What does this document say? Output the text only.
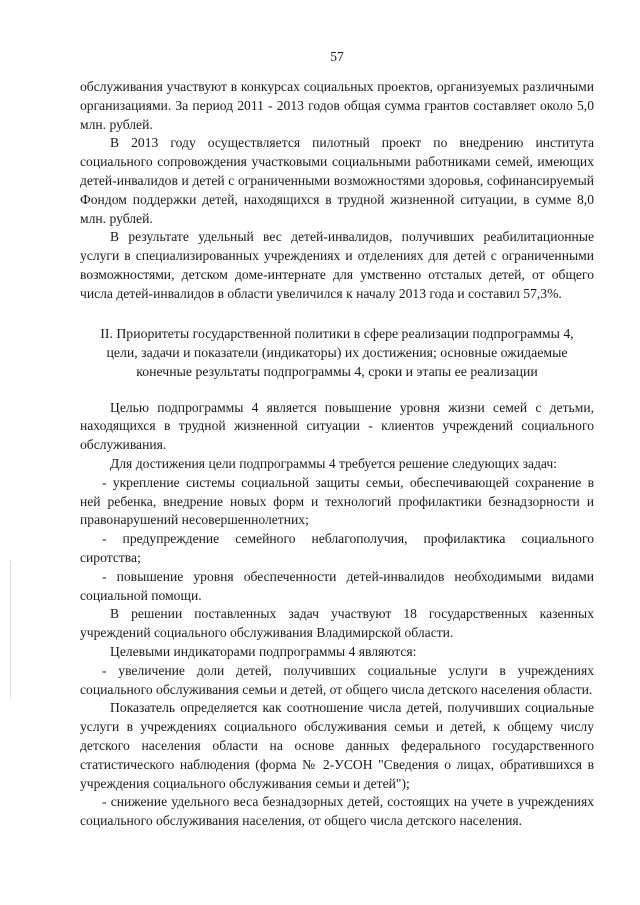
57

обслуживания участвуют в конкурсах социальных проектов, организуемых различными организациями. За период 2011 - 2013 годов общая сумма грантов составляет около 5,0 млн. рублей.

В 2013 году осуществляется пилотный проект по внедрению института социального сопровождения участковыми социальными работниками семей, имеющих детей-инвалидов и детей с ограниченными возможностями здоровья, софинансируемый Фондом поддержки детей, находящихся в трудной жизненной ситуации, в сумме 8,0 млн. рублей.

В результате удельный вес детей-инвалидов, получивших реабилитационные услуги в специализированных учреждениях и отделениях для детей с ограниченными возможностями, детском доме-интернате для умственно отсталых детей, от общего числа детей-инвалидов в области увеличился к началу 2013 года и составил 57,3%.

II. Приоритеты государственной политики в сфере реализации подпрограммы 4, цели, задачи и показатели (индикаторы) их достижения; основные ожидаемые конечные результаты подпрограммы 4, сроки и этапы ее реализации

Целью подпрограммы 4 является повышение уровня жизни семей с детьми, находящихся в трудной жизненной ситуации - клиентов учреждений социального обслуживания.

Для достижения цели подпрограммы 4 требуется решение следующих задач:

- укрепление системы социальной защиты семьи, обеспечивающей сохранение в ней ребенка, внедрение новых форм и технологий профилактики безнадзорности и правонарушений несовершеннолетних;

- предупреждение семейного неблагополучия, профилактика социального сиротства;

- повышение уровня обеспеченности детей-инвалидов необходимыми видами социальной помощи.

В решении поставленных задач участвуют 18 государственных казенных учреждений социального обслуживания Владимирской области.

Целевыми индикаторами подпрограммы 4 являются:

- увеличение доли детей, получивших социальные услуги в учреждениях социального обслуживания семьи и детей, от общего числа детского населения области.

Показатель определяется как соотношение числа детей, получивших социальные услуги в учреждениях социального обслуживания семьи и детей, к общему числу детского населения области на основе данных федерального государственного статистического наблюдения (форма № 2-УСОН "Сведения о лицах, обратившихся в учреждения социального обслуживания семьи и детей");

- снижение удельного веса безнадзорных детей, состоящих на учете в учреждениях социального обслуживания населения, от общего числа детского населения.
